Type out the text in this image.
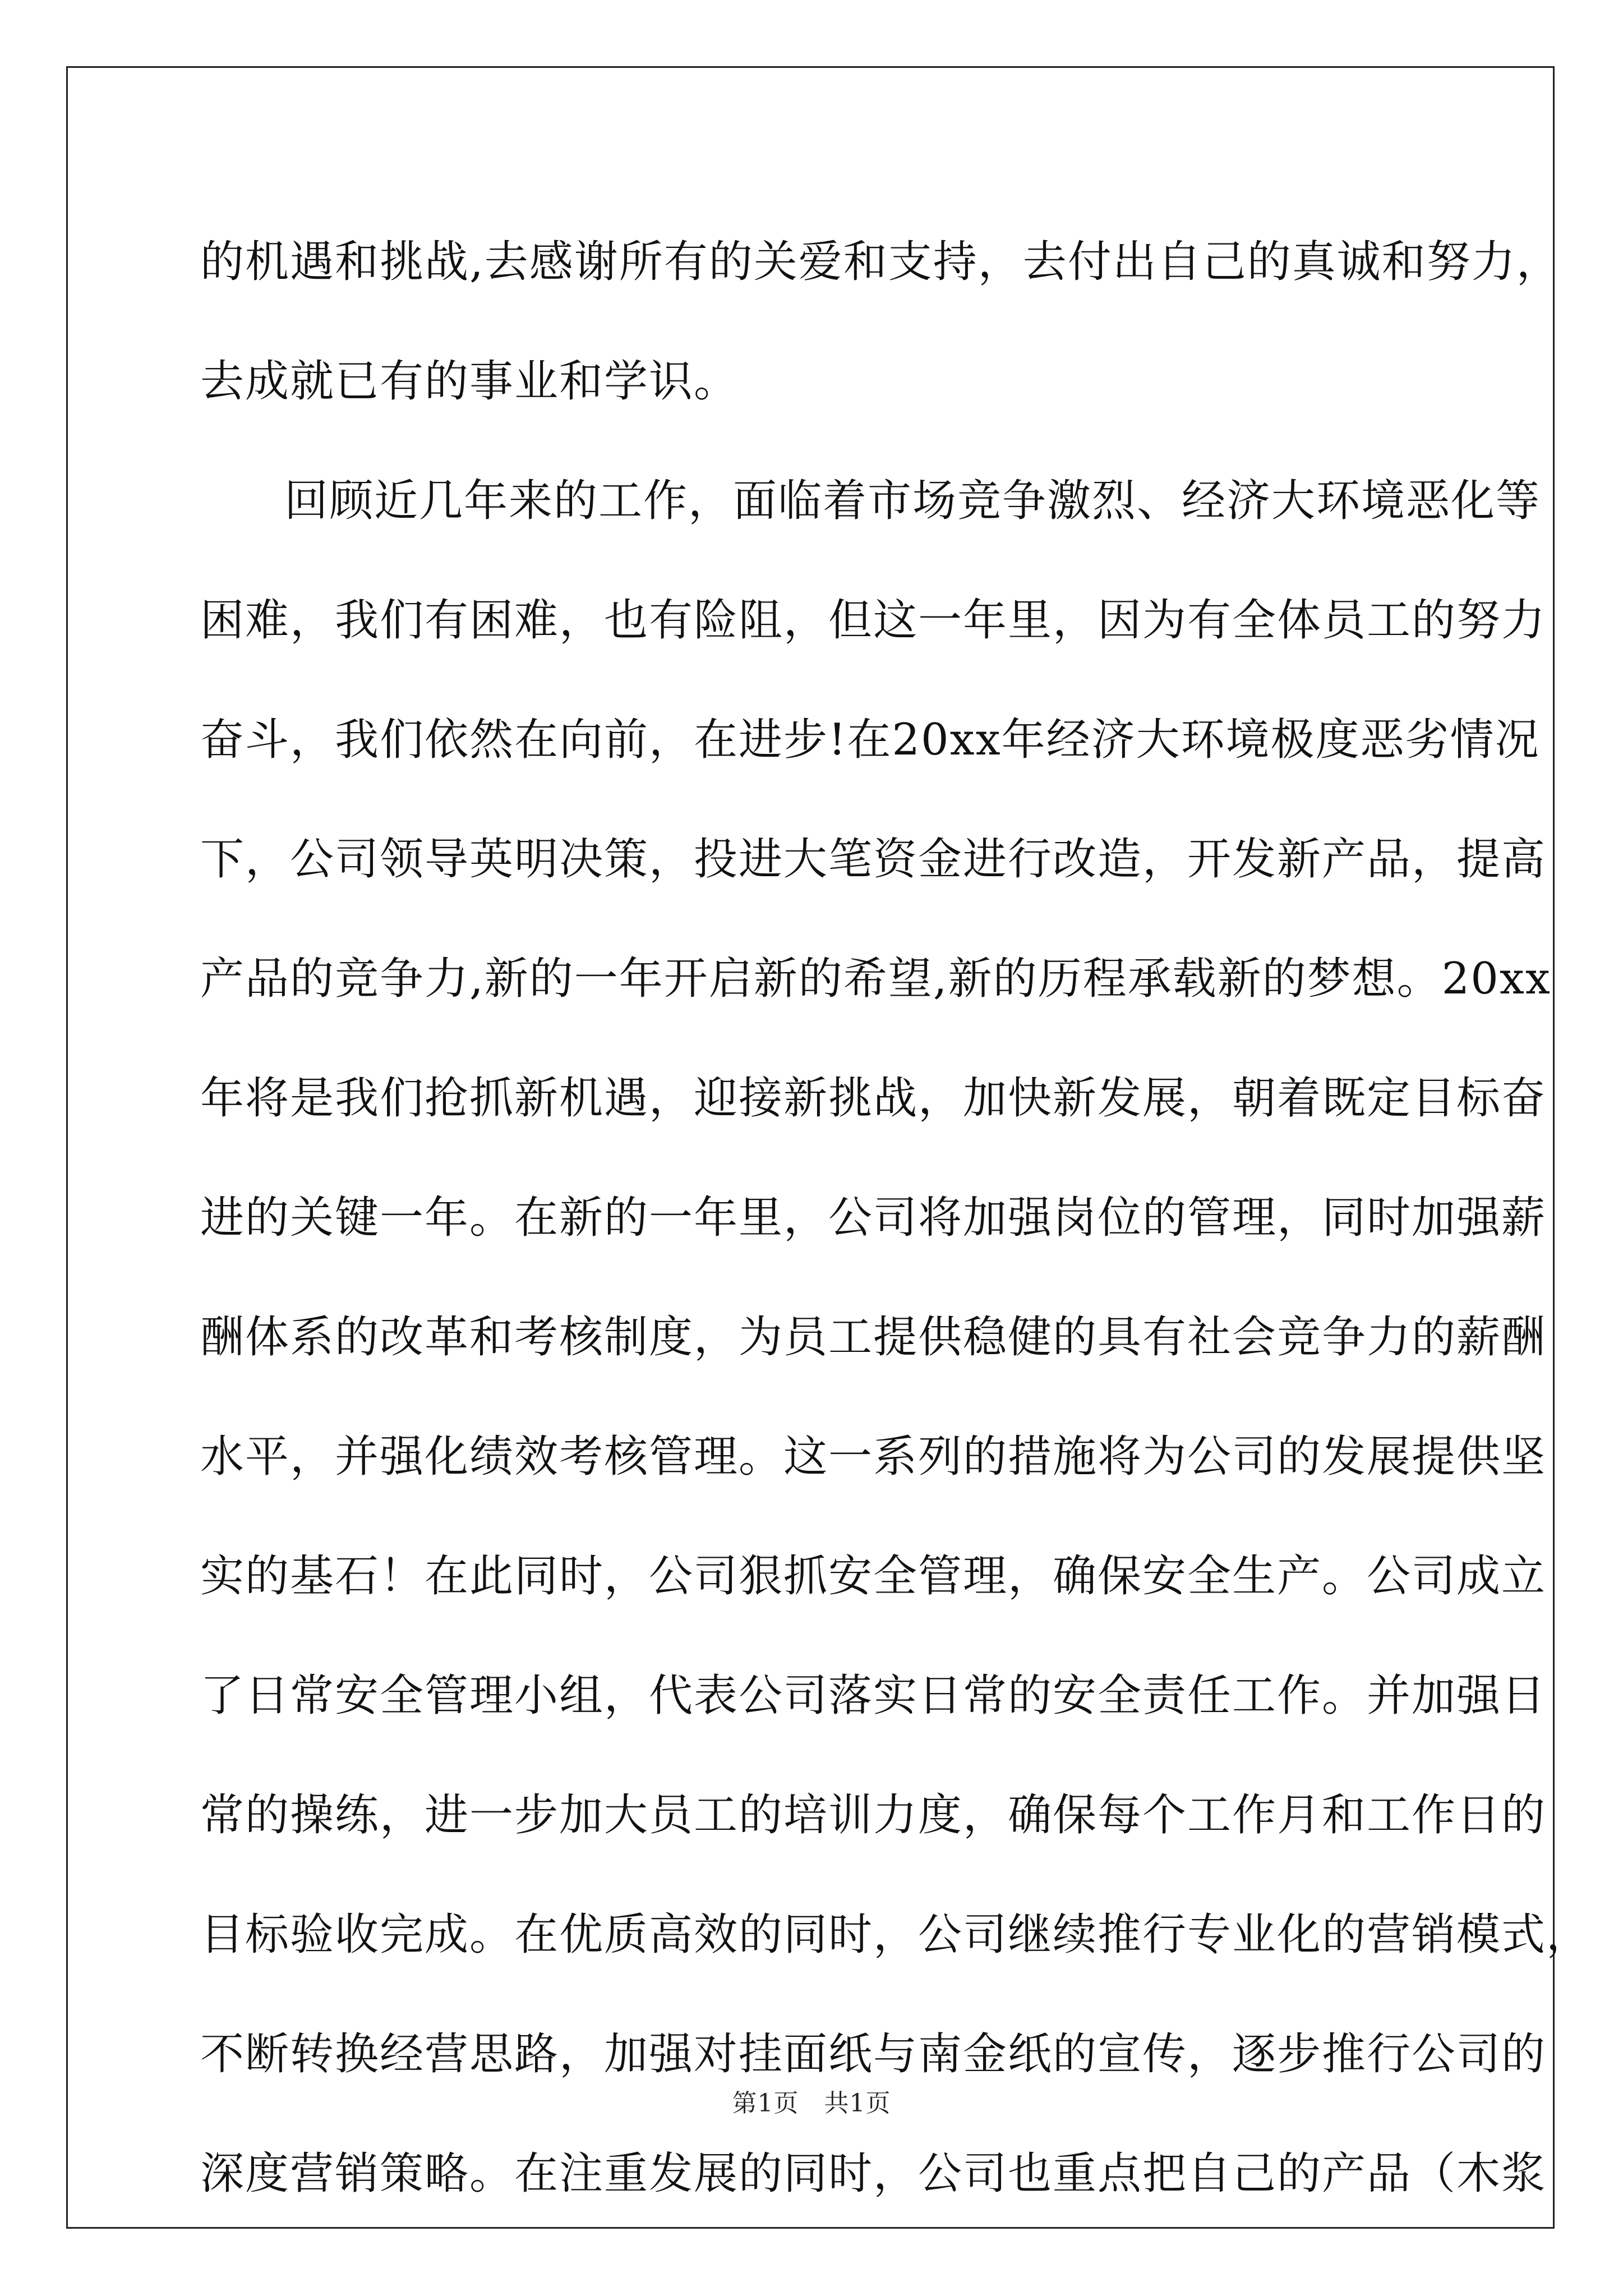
的机遇和挑战,去感谢所有的关爱和支持，去付出自己的真诚和努力，
去成就已有的事业和学识。
回顾近几年来的工作，面临着市场竞争激烈、经济大环境恶化等
困难，我们有困难，也有险阻，但这一年里，因为有全体员工的努力
奋斗，我们依然在向前，在进步!在20xx年经济大环境极度恶劣情况
下，公司领导英明决策，投进大笔资金进行改造，开发新产品，提高
产品的竞争力,新的一年开启新的希望,新的历程承载新的梦想。20xx
年将是我们抢抓新机遇，迎接新挑战，加快新发展，朝着既定目标奋
进的关键一年。在新的一年里，公司将加强岗位的管理，同时加强薪
酬体系的改革和考核制度，为员工提供稳健的具有社会竞争力的薪酬
水平，并强化绩效考核管理。这一系列的措施将为公司的发展提供坚
实的基石！在此同时，公司狠抓安全管理，确保安全生产。公司成立
了日常安全管理小组，代表公司落实日常的安全责任工作。并加强日
常的操练，进一步加大员工的培训力度，确保每个工作月和工作日的
目标验收完成。在优质高效的同时，公司继续推行专业化的营销模式，
不断转换经营思路，加强对挂面纸与南金纸的宣传，逐步推行公司的
深度营销策略。在注重发展的同时，公司也重点把自己的产品（木浆
第1页　共1页
